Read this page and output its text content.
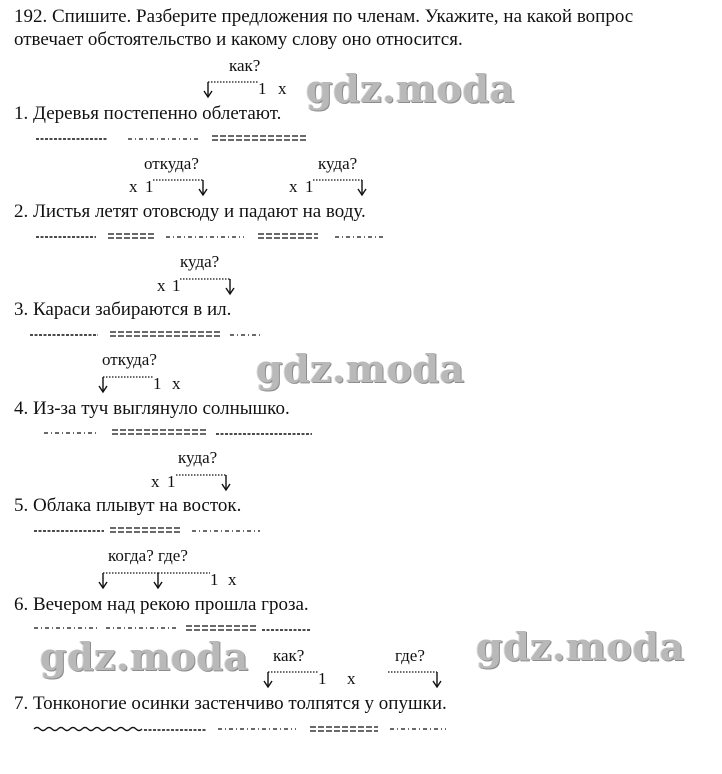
192. Спишите. Разберите предложения по членам. Укажите, на какой вопрос
отвечает обстоятельство и какому слову оно относится.
gdz.moda
gdz.moda
gdz.moda	gdz.moda
как?
1 х
1. Деревья постепенно облетают.
откуда?	куда?
х 1	х 1
2. Листья летят отовсюду и падают на воду.
куда?
х 1
3. Караси забираются в ил.
откуда?
1 х
4. Из-за туч выглянуло солнышко.
куда?
х 1
5. Облака плывут на восток.
когда? где?
1 х
6. Вечером над рекою прошла гроза.
как?	где?
1 х
7. Тонконогие осинки застенчиво толпятся у опушки.
